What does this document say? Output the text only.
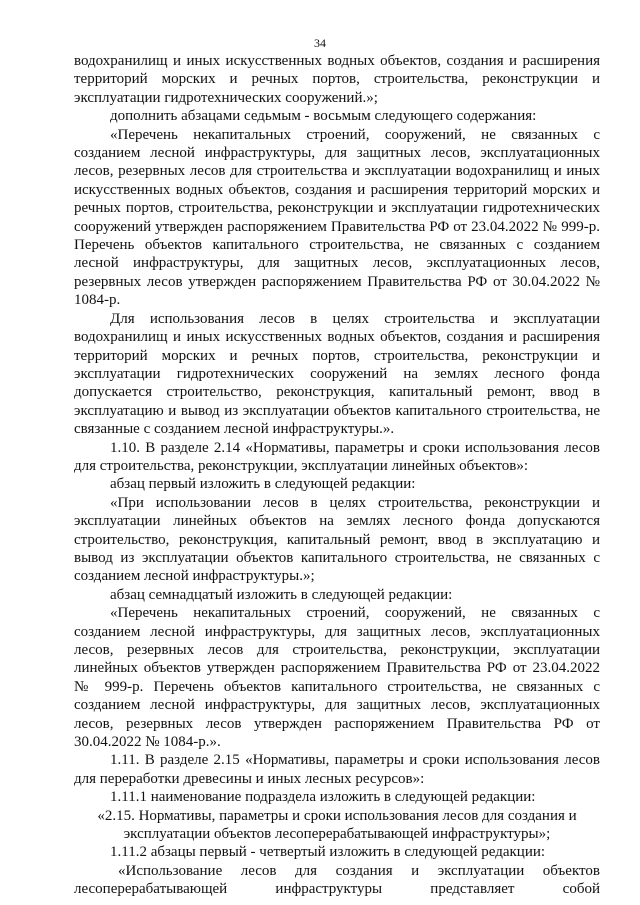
34

водохранилищ и иных искусственных водных объектов, создания и расширения территорий морских и речных портов, строительства, реконструкции и эксплуатации гидротехнических сооружений.»;

дополнить абзацами седьмым - восьмым следующего содержания:

«Перечень некапитальных строений, сооружений, не связанных с созданием лесной инфраструктуры, для защитных лесов, эксплуатационных лесов, резервных лесов для строительства и эксплуатации водохранилищ и иных искусственных водных объектов, создания и расширения территорий морских и речных портов, строительства, реконструкции и эксплуатации гидротехнических сооружений утвержден распоряжением Правительства РФ от 23.04.2022 № 999-р. Перечень объектов капитального строительства, не связанных с созданием лесной инфраструктуры, для защитных лесов, эксплуатационных лесов, резервных лесов утвержден распоряжением Правительства РФ от 30.04.2022 № 1084-р.

Для использования лесов в целях строительства и эксплуатации водохранилищ и иных искусственных водных объектов, создания и расширения территорий морских и речных портов, строительства, реконструкции и эксплуатации гидротехнических сооружений на землях лесного фонда допускается строительство, реконструкция, капитальный ремонт, ввод в эксплуатацию и вывод из эксплуатации объектов капитального строительства, не связанные с созданием лесной инфраструктуры.».

1.10. В разделе 2.14 «Нормативы, параметры и сроки использования лесов для строительства, реконструкции, эксплуатации линейных объектов»:

абзац первый изложить в следующей редакции:

«При использовании лесов в целях строительства, реконструкции и эксплуатации линейных объектов на землях лесного фонда допускаются строительство, реконструкция, капитальный ремонт, ввод в эксплуатацию и вывод из эксплуатации объектов капитального строительства, не связанных с созданием лесной инфраструктуры.»;

абзац семнадцатый изложить в следующей редакции:

«Перечень некапитальных строений, сооружений, не связанных с созданием лесной инфраструктуры, для защитных лесов, эксплуатационных лесов, резервных лесов для строительства, реконструкции, эксплуатации линейных объектов утвержден распоряжением Правительства РФ от 23.04.2022 № 999-р. Перечень объектов капитального строительства, не связанных с созданием лесной инфраструктуры, для защитных лесов, эксплуатационных лесов, резервных лесов утвержден распоряжением Правительства РФ от 30.04.2022 № 1084-р.».

1.11. В разделе 2.15 «Нормативы, параметры и сроки использования лесов для переработки древесины и иных лесных ресурсов»:

1.11.1 наименование подраздела изложить в следующей редакции:

«2.15. Нормативы, параметры и сроки использования лесов для создания и эксплуатации объектов лесоперерабатывающей инфраструктуры»;

1.11.2 абзацы первый - четвертый изложить в следующей редакции:

«Использование лесов для создания и эксплуатации объектов лесоперерабатывающей инфраструктуры представляет собой
